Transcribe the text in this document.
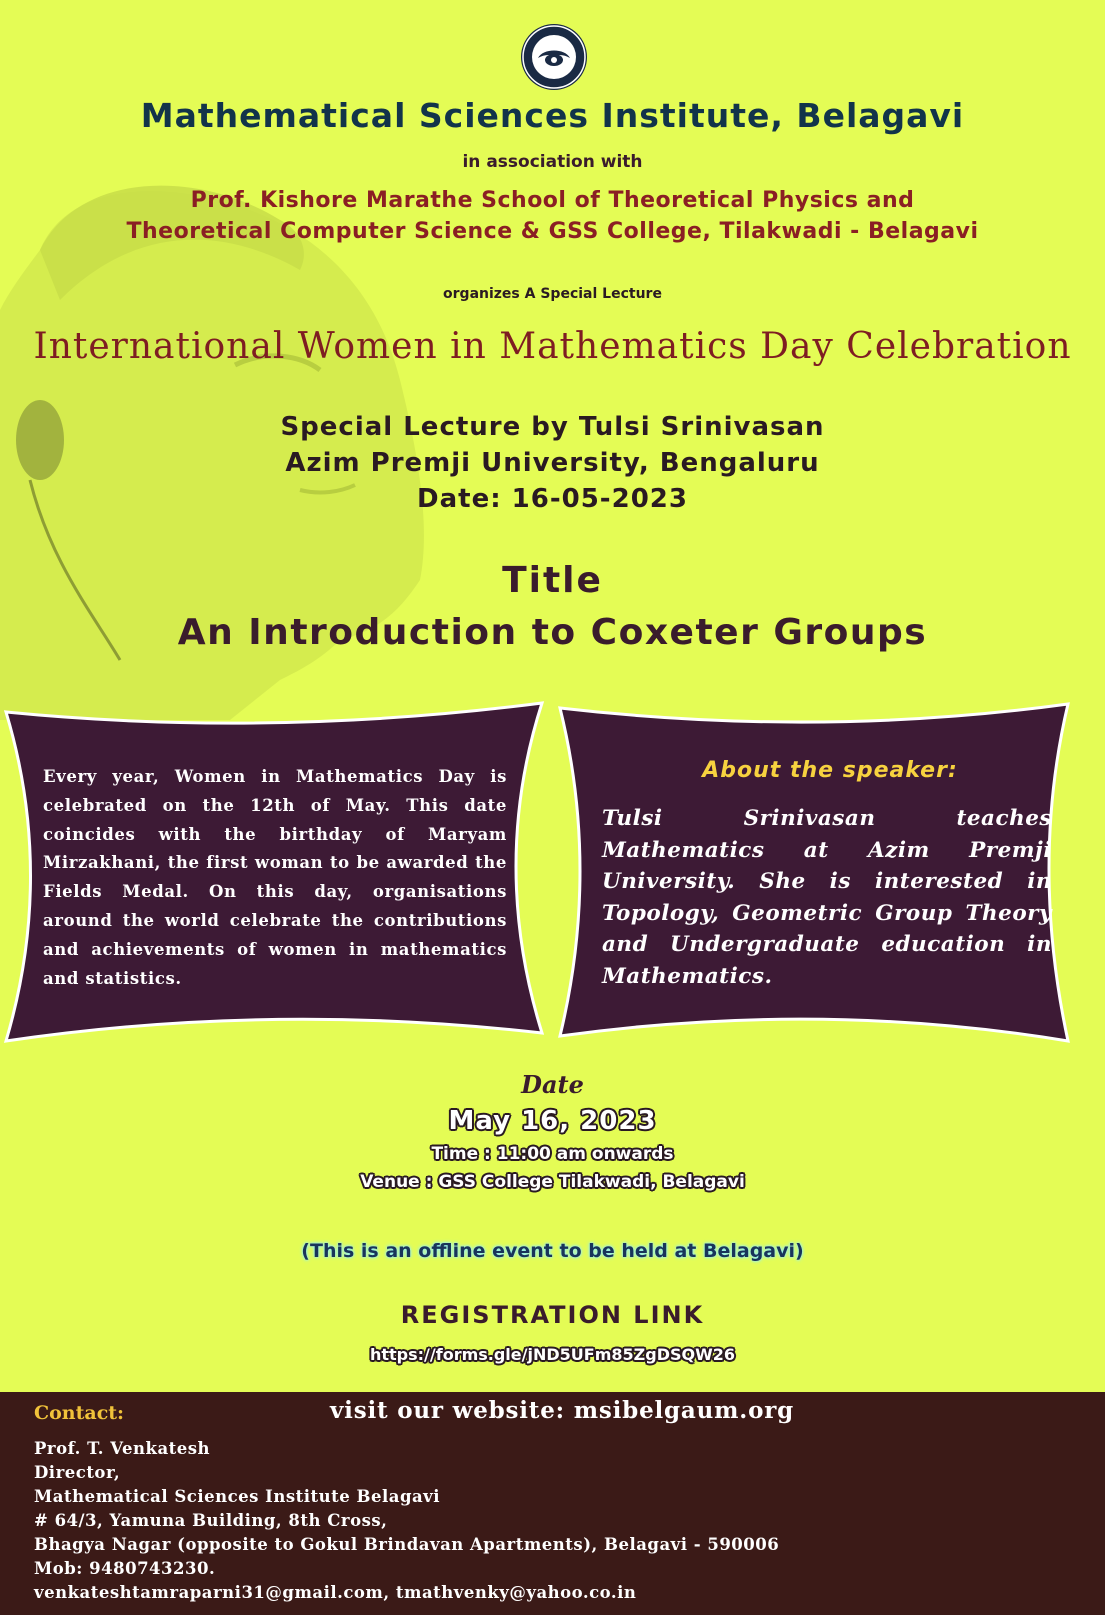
Mathematical Sciences Institute, Belagavi
in association with
Prof. Kishore Marathe School of Theoretical Physics and
Theoretical Computer Science & GSS College, Tilakwadi - Belagavi
organizes A Special Lecture
International Women in Mathematics Day Celebration
Special Lecture by Tulsi Srinivasan
Azim Premji University, Bengaluru
Date: 16-05-2023
Title
An Introduction to Coxeter Groups
Every year, Women in Mathematics Day is celebrated on the 12th of May. This date coincides with the birthday of Maryam Mirzakhani, the first woman to be awarded the Fields Medal. On this day, organisations around the world celebrate the contributions and achievements of women in mathematics and statistics.
About the speaker:
Tulsi Srinivasan teaches Mathematics at Azim Premji University. She is interested in Topology, Geometric Group Theory and Undergraduate education in Mathematics.
Date
May 16, 2023
Time : 11:00 am onwards
Venue : GSS College Tilakwadi, Belagavi
(This is an offline event to be held at Belagavi)
REGISTRATION LINK
https://forms.gle/jND5UFm85ZgDSQW26
Contact:	visit our website: msibelgaum.org
Prof. T. Venkatesh
Director,
Mathematical Sciences Institute Belagavi
# 64/3, Yamuna Building, 8th Cross,
Bhagya Nagar (opposite to Gokul Brindavan Apartments), Belagavi - 590006
Mob: 9480743230.
venkateshtamraparni31@gmail.com, tmathvenky@yahoo.co.in
